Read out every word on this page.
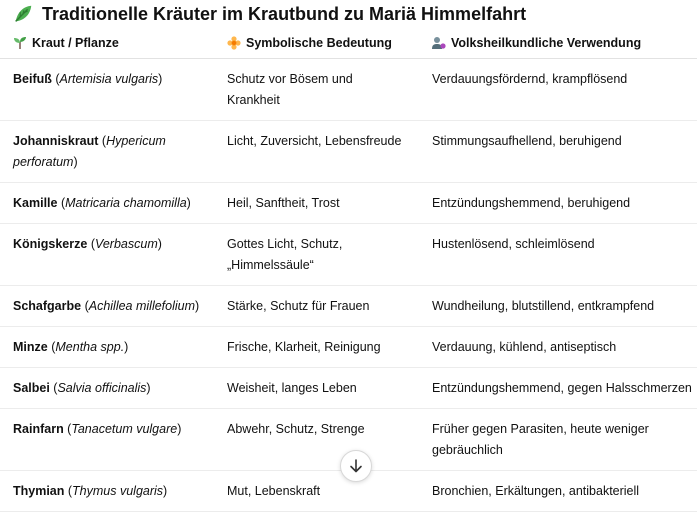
Traditionelle Kräuter im Krautbund zu Mariä Himmelfahrt
Kraut / Pflanze	Symbolische Bedeutung	Volksheilkundliche Verwendung

Beifuß (Artemisia vulgaris)	Schutz vor Bösem und Krankheit	Verdauungsfördernd, krampflösend
Johanniskraut (Hypericum perforatum)	Licht, Zuversicht, Lebensfreude	Stimmungsaufhellend, beruhigend
Kamille (Matricaria chamomilla)	Heil, Sanftheit, Trost	Entzündungshemmend, beruhigend
Königskerze (Verbascum)	Gottes Licht, Schutz, „Himmelssäule“	Hustenlösend, schleimlösend
Schafgarbe (Achillea millefolium)	Stärke, Schutz für Frauen	Wundheilung, blutstillend, entkrampfend
Minze (Mentha spp.)	Frische, Klarheit, Reinigung	Verdauung, kühlend, antiseptisch
Salbei (Salvia officinalis)	Weisheit, langes Leben	Entzündungshemmend, gegen Halsschmerzen
Rainfarn (Tanacetum vulgare)	Abwehr, Schutz, Strenge	Früher gegen Parasiten, heute weniger gebräuchlich
Thymian (Thymus vulgaris)	Mut, Lebenskraft	Bronchien, Erkältungen, antibakteriell
